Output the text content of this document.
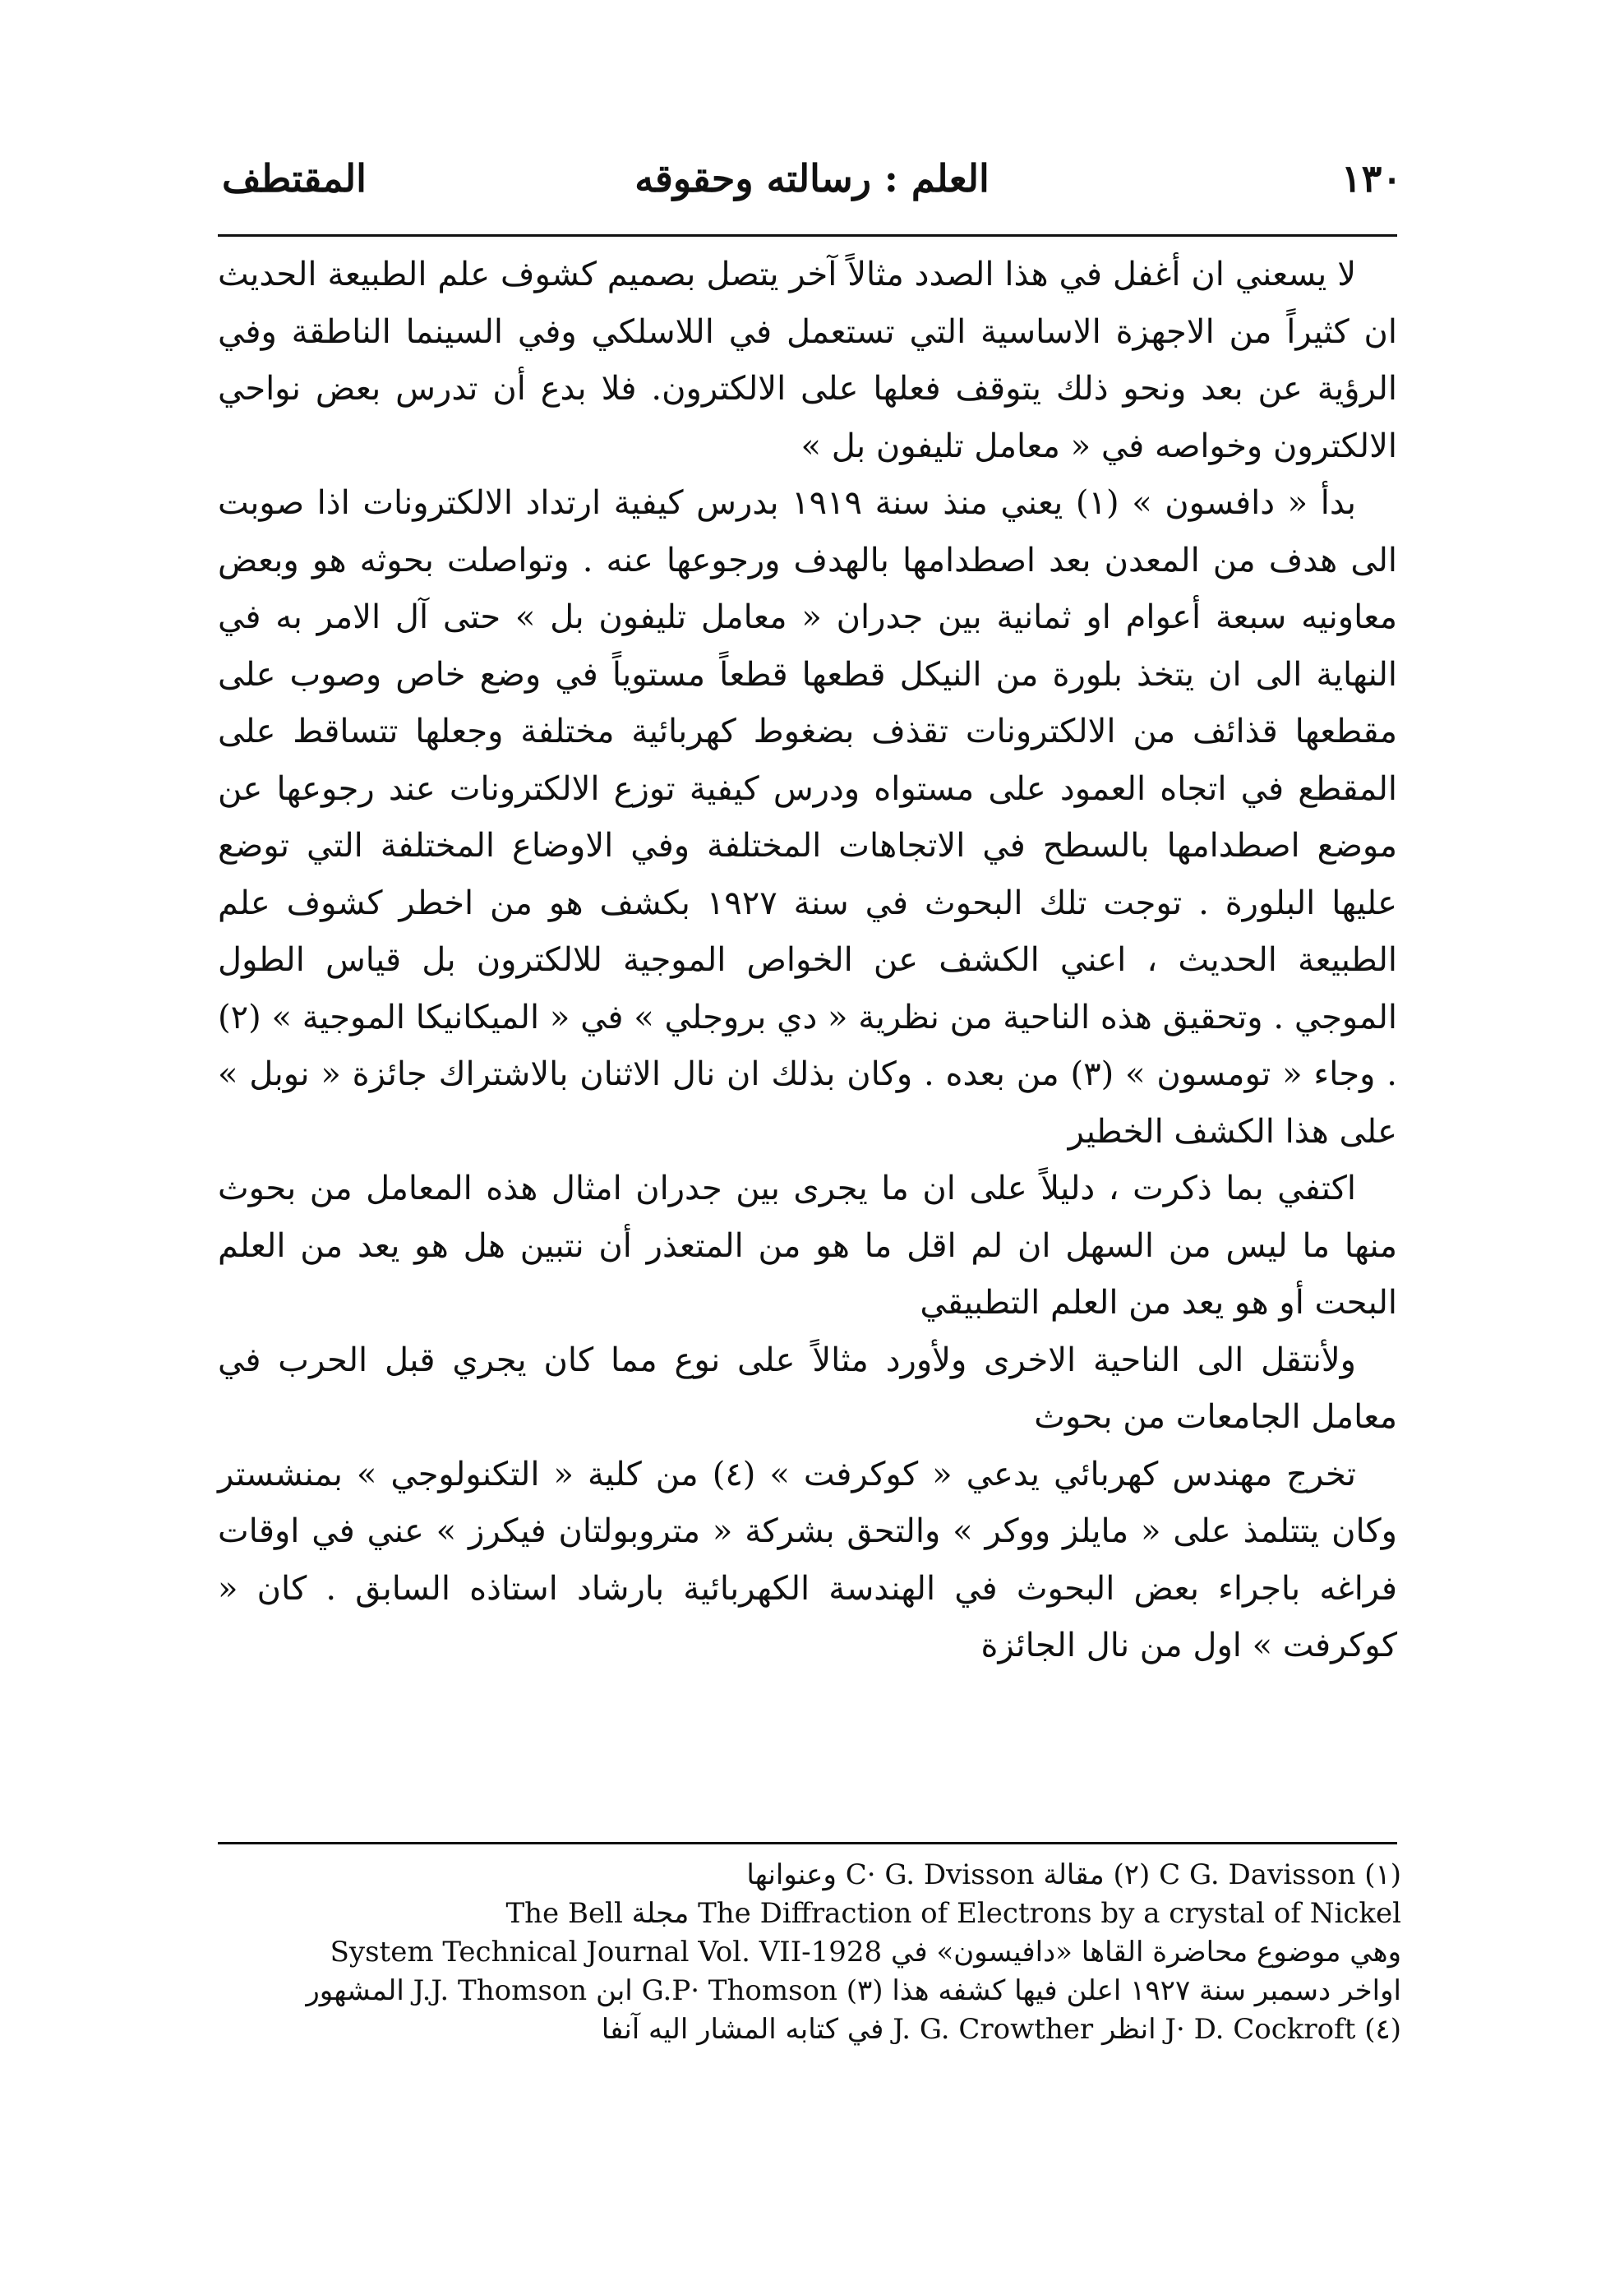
١٣٠
العلم : رسالته وحقوقه
المقتطف

لا يسعني ان أغفل في هذا الصدد مثالاً آخر يتصل بصميم كشوف علم الطبيعة الحديث ان كثيراً من الاجهزة الاساسية التي تستعمل في اللاسلكي وفي السينما الناطقة وفي الرؤية عن بعد ونحو ذلك يتوقف فعلها على الالكترون. فلا بدع أن تدرس بعض نواحي الالكترون وخواصه في « معامل تليفون بل »

بدأ « دافسون » (١) يعني منذ سنة ١٩١٩ بدرس كيفية ارتداد الالكترونات اذا صوبت الى هدف من المعدن بعد اصطدامها بالهدف ورجوعها عنه . وتواصلت بحوثه هو وبعض معاونيه سبعة أعوام او ثمانية بين جدران « معامل تليفون بل » حتى آل الامر به في النهاية الى ان يتخذ بلورة من النيكل قطعها قطعاً مستوياً في وضع خاص وصوب على مقطعها قذائف من الالكترونات تقذف بضغوط كهربائية مختلفة وجعلها تتساقط على المقطع في اتجاه العمود على مستواه ودرس كيفية توزع الالكترونات عند رجوعها عن موضع اصطدامها بالسطح في الاتجاهات المختلفة وفي الاوضاع المختلفة التي توضع عليها البلورة . توجت تلك البحوث في سنة ١٩٢٧ بكشف هو من اخطر كشوف علم الطبيعة الحديث ، اعني الكشف عن الخواص الموجية للالكترون بل قياس الطول الموجي . وتحقيق هذه الناحية من نظرية « دي بروجلي » في « الميكانيكا الموجية » (٢) . وجاء « تومسون » (٣) من بعده . وكان بذلك ان نال الاثنان بالاشتراك جائزة « نوبل » على هذا الكشف الخطير

اكتفي بما ذكرت ، دليلاً على ان ما يجرى بين جدران امثال هذه المعامل من بحوث منها ما ليس من السهل ان لم اقل ما هو من المتعذر أن نتبين هل هو يعد من العلم البحت أو هو يعد من العلم التطبيقي

ولأنتقل الى الناحية الاخرى ولأورد مثالاً على نوع مما كان يجري قبل الحرب في معامل الجامعات من بحوث

تخرج مهندس كهربائي يدعي « كوكرفت » (٤) من كلية « التكنولوجي » بمنشستر وكان يتتلمذ على « مايلز ووكر » والتحق بشركة « متروبولتان فيكرز » عني في اوقات فراغه باجراء بعض البحوث في الهندسة الكهربائية بارشاد استاذه السابق . كان « كوكرفت » اول من نال الجائزة

(١) C G. Davisson (٢) مقالة C· G. Dvisson وعنوانها

The Diffraction of Electrons by a crystal of Nickel مجلة The Bell

وهي موضوع محاضرة القاها «دافيسون» في System Technical Journal Vol. VII-1928

اواخر دسمبر سنة ١٩٢٧ اعلن فيها كشفه هذا (٣) G.P· Thomson ابن J.J. Thomson المشهور

(٤) J· D. Cockroft انظر J. G. Crowther في كتابه المشار اليه آنفا
